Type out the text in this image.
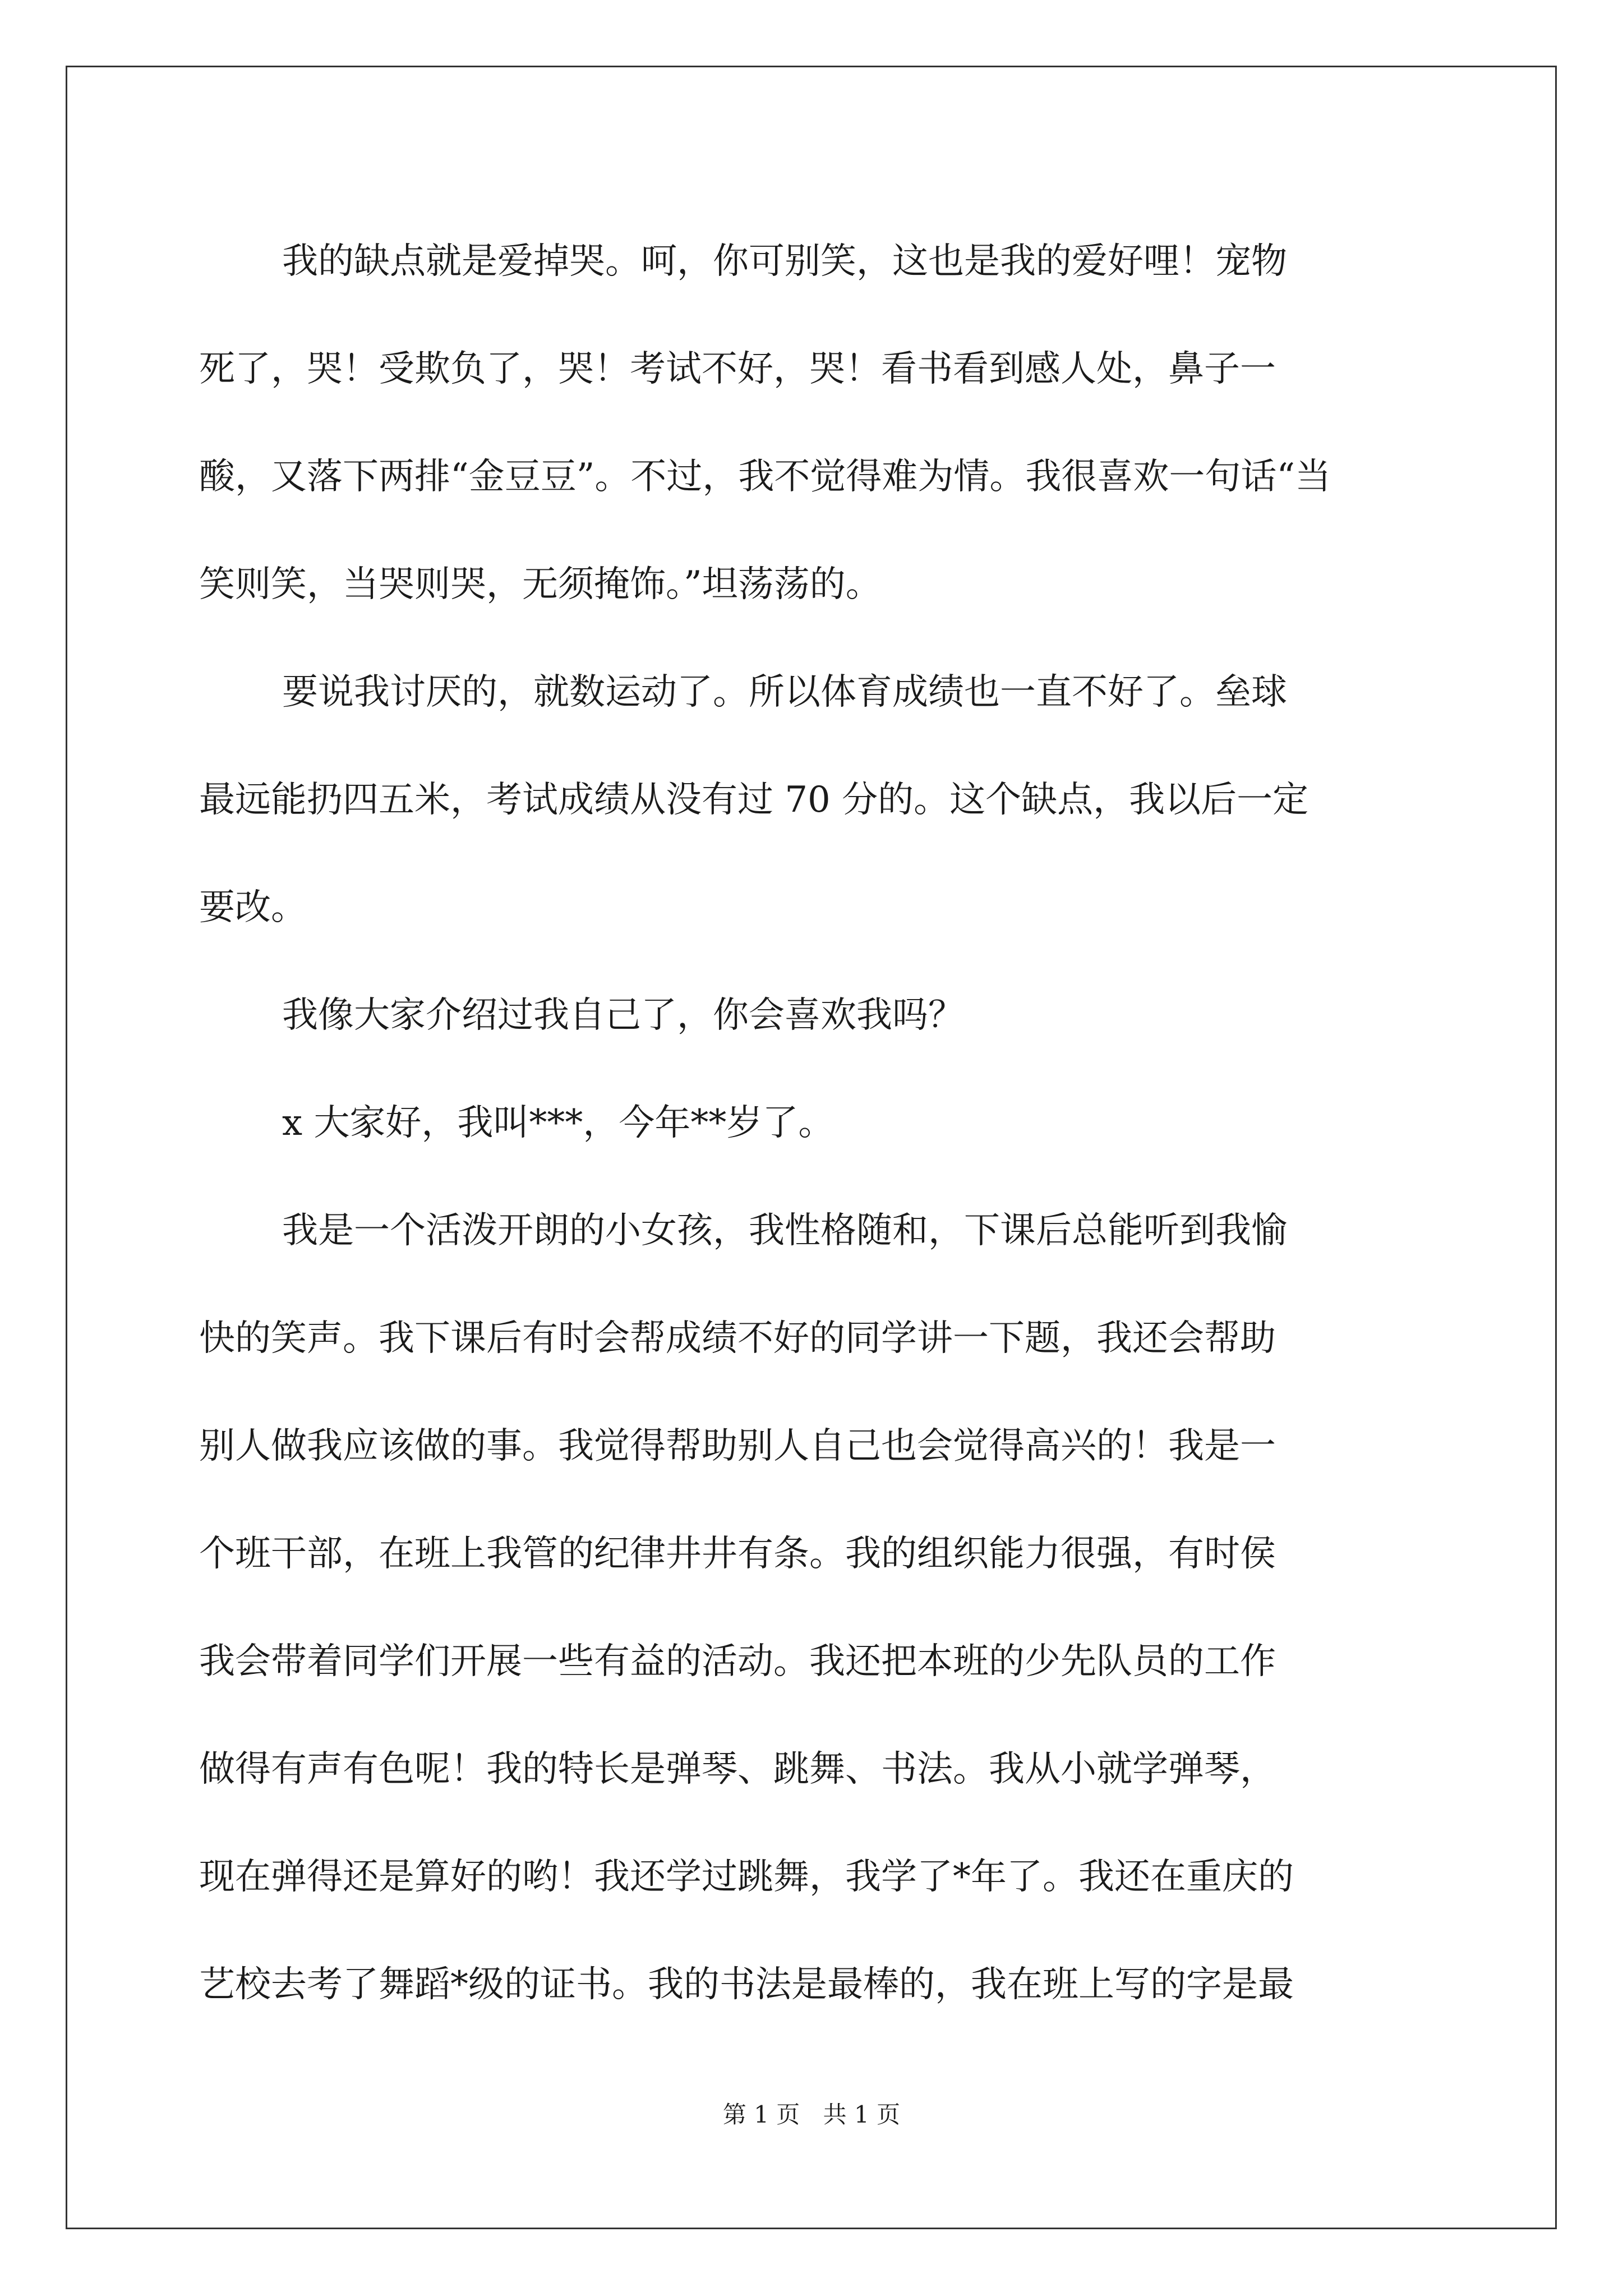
我的缺点就是爱掉哭。呵，你可别笑，这也是我的爱好哩！宠物
死了，哭！受欺负了，哭！考试不好，哭！看书看到感人处，鼻子一
酸，又落下两排“金豆豆”。不过，我不觉得难为情。我很喜欢一句话“当
笑则笑，当哭则哭，无须掩饰。”坦荡荡的。
要说我讨厌的，就数运动了。所以体育成绩也一直不好了。垒球
最远能扔四五米，考试成绩从没有过 70 分的。这个缺点，我以后一定
要改。
我像大家介绍过我自己了，你会喜欢我吗？
x 大家好，我叫***，今年**岁了。
我是一个活泼开朗的小女孩，我性格随和，下课后总能听到我愉
快的笑声。我下课后有时会帮成绩不好的同学讲一下题，我还会帮助
别人做我应该做的事。我觉得帮助别人自己也会觉得高兴的！我是一
个班干部，在班上我管的纪律井井有条。我的组织能力很强，有时侯
我会带着同学们开展一些有益的活动。我还把本班的少先队员的工作
做得有声有色呢！我的特长是弹琴、跳舞、书法。我从小就学弹琴，
现在弹得还是算好的哟！我还学过跳舞，我学了*年了。我还在重庆的
艺校去考了舞蹈*级的证书。我的书法是最棒的，我在班上写的字是最
第 1 页 共 1 页
